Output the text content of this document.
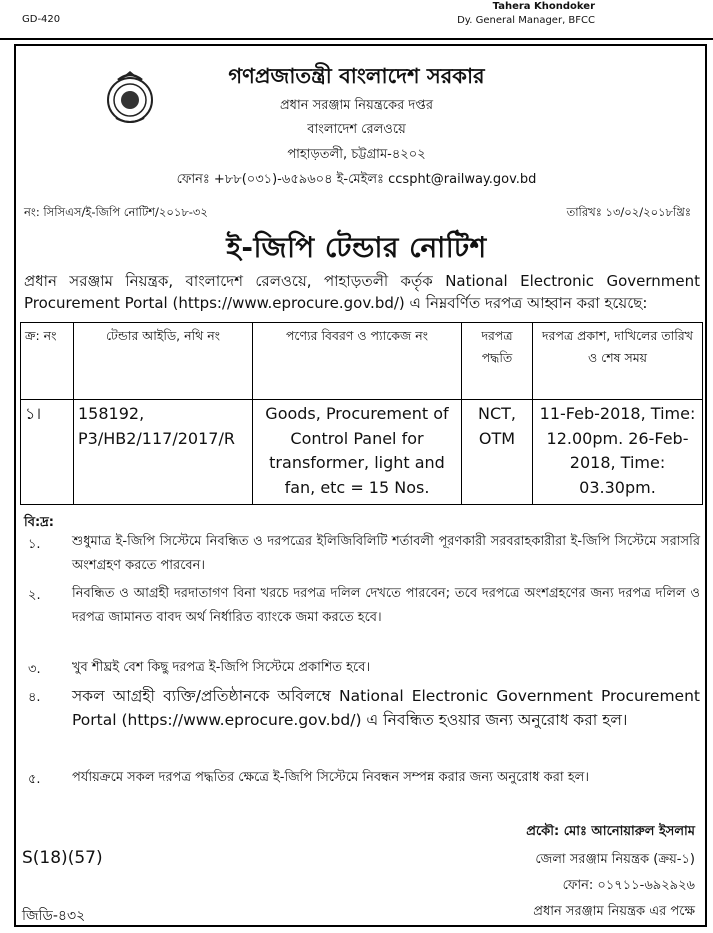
GD-420
Tahera Khondoker
Dy. General Manager, BFCC
গণপ্রজাতন্ত্রী বাংলাদেশ সরকার
প্রধান সরঞ্জাম নিয়ন্ত্রকের দপ্তর
বাংলাদেশ রেলওয়ে
পাহাড়তলী, চট্টগ্রাম-৪২০২
ফোনঃ +৮৮(০৩১)-৬৫৯৬০৪ ই-মেইলঃ ccspht@railway.gov.bd
নং: সিসিএস/ই-জিপি নোটিশ/২০১৮-৩২	তারিখঃ ১৩/০২/২০১৮খ্রিঃ
ই-জিপি টেন্ডার নোটিশ
প্রধান সরঞ্জাম নিয়ন্ত্রক, বাংলাদেশ রেলওয়ে, পাহাড়তলী কর্তৃক National Electronic Government Procurement Portal (https://www.eprocure.gov.bd/) এ নিম্নবর্ণিত দরপত্র আহ্বান করা হয়েছে:
ক্র: নং	টেন্ডার আইডি, নথি নং	পণ্যের বিবরণ ও প্যাকেজ নং	দরপত্র পদ্ধতি	দরপত্র প্রকাশ, দাখিলের তারিখ ও শেষ সময়
১।	158192, P3/HB2/117/2017/R	Goods, Procurement of Control Panel for transformer, light and fan, etc = 15 Nos.	NCT, OTM	11-Feb-2018, Time: 12.00pm. 26-Feb-2018, Time: 03.30pm.
বি:দ্র:
১. শুধুমাত্র ই-জিপি সিস্টেমে নিবন্ধিত ও দরপত্রের ইলিজিবিলিটি শর্তাবলী পূরণকারী সরবরাহকারীরা ই-জিপি সিস্টেমে সরাসরি অংশগ্রহণ করতে পারবেন।
২. নিবন্ধিত ও আগ্রহী দরদাতাগণ বিনা খরচে দরপত্র দলিল দেখতে পারবেন; তবে দরপত্রে অংশগ্রহণের জন্য দরপত্র দলিল ও দরপত্র জামানত বাবদ অর্থ নির্ধারিত ব্যাংকে জমা করতে হবে।
৩. খুব শীঘ্রই বেশ কিছু দরপত্র ই-জিপি সিস্টেমে প্রকাশিত হবে।
৪. সকল আগ্রহী ব্যক্তি/প্রতিষ্ঠানকে অবিলম্বে National Electronic Government Procurement Portal (https://www.eprocure.gov.bd/) এ নিবন্ধিত হওয়ার জন্য অনুরোধ করা হল।
৫. পর্যায়ক্রমে সকল দরপত্র পদ্ধতির ক্ষেত্রে ই-জিপি সিস্টেমে নিবন্ধন সম্পন্ন করার জন্য অনুরোধ করা হল।
প্রকৌ: মোঃ আনোয়ারুল ইসলাম
জেলা সরঞ্জাম নিয়ন্ত্রক (ক্রয়-১)
ফোন: ০১৭১১-৬৯২৯২৬
প্রধান সরঞ্জাম নিয়ন্ত্রক এর পক্ষে
S(18)(57)
জিডি-৪৩২
